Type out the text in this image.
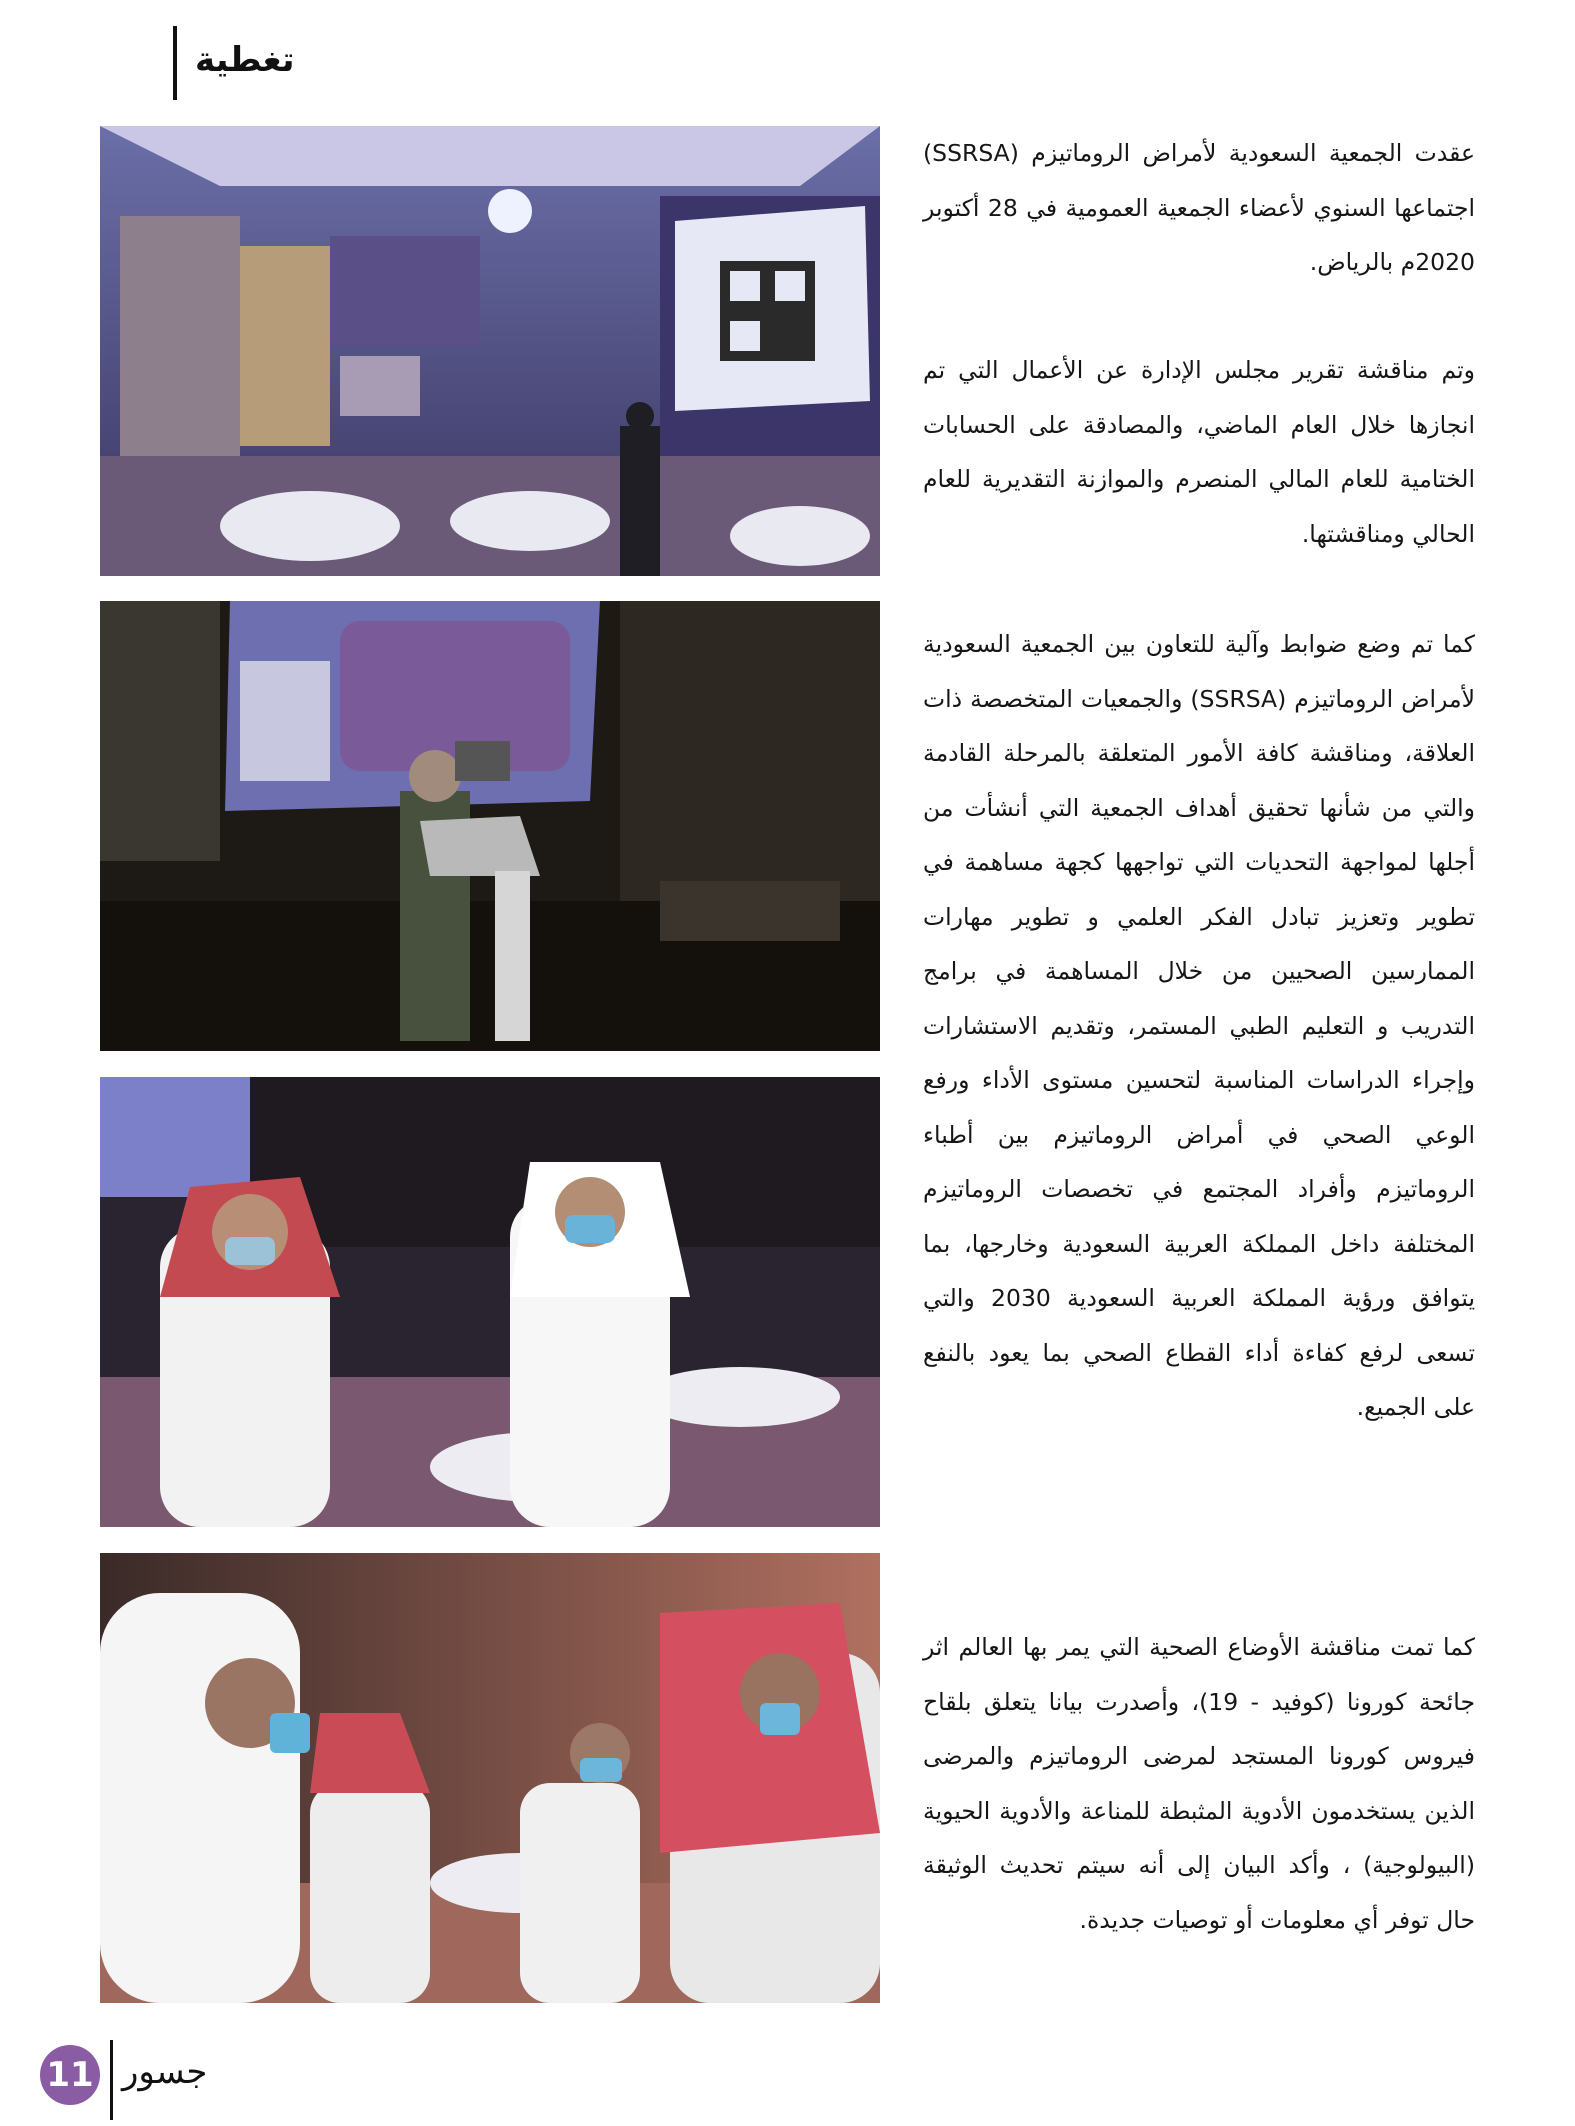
تغطية

عقدت الجمعية السعودية لأمراض الروماتيزم (SSRSA) اجتماعها السنوي لأعضاء الجمعية العمومية في 28 أكتوبر 2020م بالرياض.

وتم مناقشة تقرير مجلس الإدارة عن الأعمال التي تم انجازها خلال العام الماضي، والمصادقة على الحسابات الختامية للعام المالي المنصرم والموازنة التقديرية للعام الحالي ومناقشتها.

كما تم وضع ضوابط وآلية للتعاون بين الجمعية السعودية لأمراض الروماتيزم (SSRSA) والجمعيات المتخصصة ذات العلاقة، ومناقشة كافة الأمور المتعلقة بالمرحلة القادمة والتي من شأنها تحقيق أهداف الجمعية التي أنشأت من أجلها لمواجهة التحديات التي تواجهها كجهة مساهمة في تطوير وتعزيز تبادل الفكر العلمي و تطوير مهارات الممارسين الصحيين من خلال المساهمة في برامج التدريب و التعليم الطبي المستمر، وتقديم الاستشارات وإجراء الدراسات المناسبة لتحسين مستوى الأداء ورفع الوعي الصحي في أمراض الروماتيزم بين أطباء الروماتيزم وأفراد المجتمع في تخصصات الروماتيزم المختلفة داخل المملكة العربية السعودية وخارجها، بما يتوافق ورؤية المملكة العربية السعودية 2030 والتي تسعى لرفع كفاءة أداء القطاع الصحي بما يعود بالنفع على الجميع.

كما تمت مناقشة الأوضاع الصحية التي يمر بها العالم اثر جائحة كورونا (كوفيد - 19)، وأصدرت بيانا يتعلق بلقاح فيروس كورونا المستجد لمرضى الروماتيزم والمرضى الذين يستخدمون الأدوية المثبطة للمناعة والأدوية الحيوية (البيولوجية) ، وأكد البيان إلى أنه سيتم تحديث الوثيقة حال توفر أي معلومات أو توصيات جديدة.

11 جسور
